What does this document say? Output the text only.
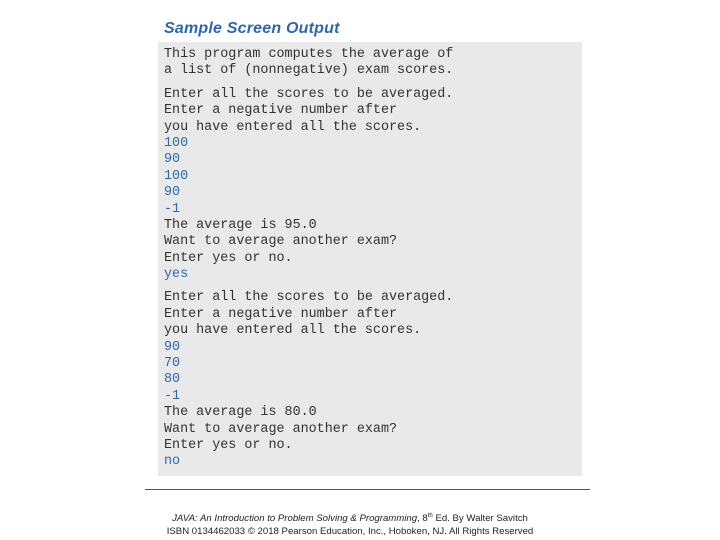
Sample Screen Output
This program computes the average of
a list of (nonnegative) exam scores.
Enter all the scores to be averaged.
Enter a negative number after
you have entered all the scores.
100
90
100
90
-1
The average is 95.0
Want to average another exam?
Enter yes or no.
yes
Enter all the scores to be averaged.
Enter a negative number after
you have entered all the scores.
90
70
80
-1
The average is 80.0
Want to average another exam?
Enter yes or no.
no
JAVA: An Introduction to Problem Solving & Programming, 8th Ed. By Walter Savitch
ISBN 0134462033 © 2018 Pearson Education, Inc., Hoboken, NJ. All Rights Reserved
